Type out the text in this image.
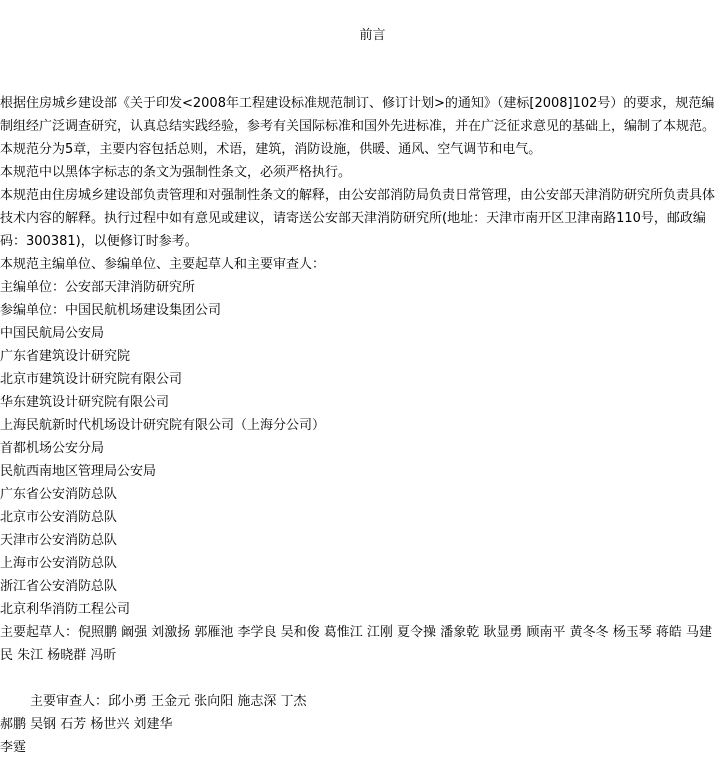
前言

根据住房城乡建设部《关于印发<2008年工程建设标准规范制订、修订计划>的通知》（建标[2008]102号）的要求，规范编制组经广泛调查研究，认真总结实践经验，参考有关国际标准和国外先进标准，并在广泛征求意见的基础上，编制了本规范。

本规范分为5章，主要内容包括总则，术语，建筑，消防设施，供暖、通风、空气调节和电气。

本规范中以黑体字标志的条文为强制性条文，必须严格执行。

本规范由住房城乡建设部负责管理和对强制性条文的解释，由公安部消防局负责日常管理，由公安部天津消防研究所负责具体技术内容的解释。执行过程中如有意见或建议，请寄送公安部天津消防研究所(地址：天津市南开区卫津南路110号，邮政编码：300381)，以便修订时参考。

本规范主编单位、参编单位、主要起草人和主要审查人：

主编单位：公安部天津消防研究所

参编单位：中国民航机场建设集团公司

中国民航局公安局

广东省建筑设计研究院

北京市建筑设计研究院有限公司

华东建筑设计研究院有限公司

上海民航新时代机场设计研究院有限公司（上海分公司）

首都机场公安分局

民航西南地区管理局公安局

广东省公安消防总队

北京市公安消防总队

天津市公安消防总队

上海市公安消防总队

浙江省公安消防总队

北京利华消防工程公司

主要起草人：倪照鹏 阚强 刘激扬 郭雁池 李学良 吴和俊 葛惟江 江刚 夏令操 潘象乾 耿显勇 顾南平 黄冬冬 杨玉琴 蒋皓 马建民 朱江 杨晓群 冯昕

主要审查人：邱小勇 王金元 张向阳 施志深 丁杰

郝鹏 吴钢 石芳 杨世兴 刘建华

李霆
